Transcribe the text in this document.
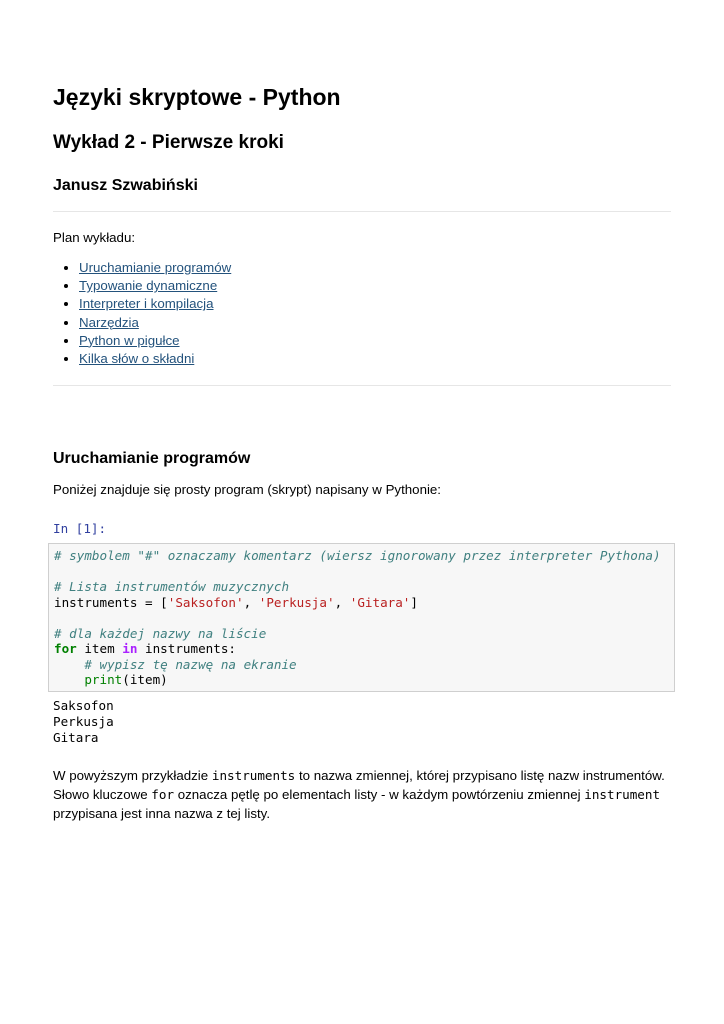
Języki skryptowe - Python
Wykład 2 - Pierwsze kroki
Janusz Szwabiński
Plan wykładu:
Uruchamianie programów
Typowanie dynamiczne
Interpreter i kompilacja
Narzędzia
Python w pigułce
Kilka słów o składni
Uruchamianie programów
Poniżej znajduje się prosty program (skrypt) napisany w Pythonie:
In [1]:
# symbolem "#" oznaczamy komentarz (wiersz ignorowany przez interpreter Pythona)

# Lista instrumentów muzycznych
instruments = ['Saksofon', 'Perkusja', 'Gitara']

# dla każdej nazwy na liście
for item in instruments:
# wypisz tę nazwę na ekranie
print(item)
Saksofon
Perkusja
Gitara
W powyższym przykładzie instruments to nazwa zmiennej, której przypisano listę nazw instrumentów.
Słowo kluczowe for oznacza pętlę po elementach listy - w każdym powtórzeniu zmiennej instrument
przypisana jest inna nazwa z tej listy.
